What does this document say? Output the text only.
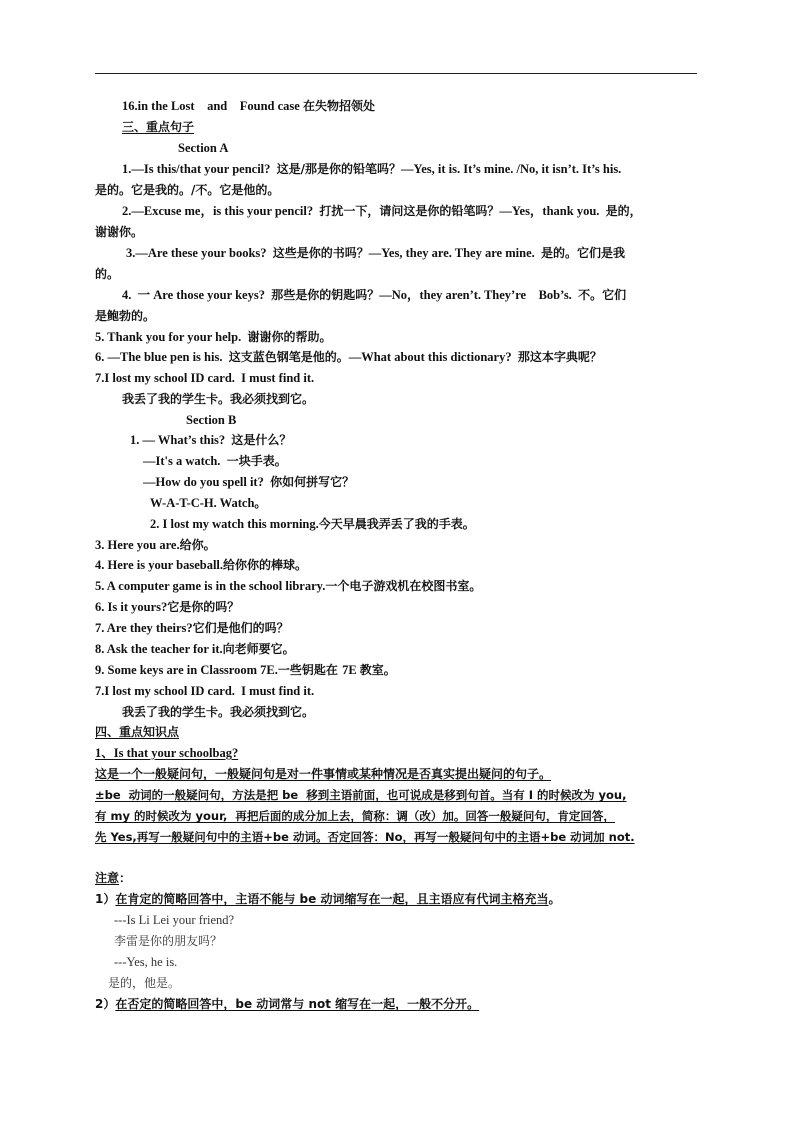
16.in the Lost    and    Found case 在失物招领处
三、重点句子
Section A
1.—Is this/that your pencil?  这是/那是你的铅笔吗？—Yes, it is. It’s mine. /No, it isn’t. It’s his.
是的。它是我的。/不。它是他的。
2.—Excuse me，is this your pencil?  打扰一下，请问这是你的铅笔吗？—Yes，thank you.  是的，
谢谢你。
3.—Are these your books?  这些是你的书吗？—Yes, they are. They are mine.  是的。它们是我
的。
4.  一 Are those your keys?  那些是你的钥匙吗？—No，they aren’t. They’re    Bob’s.  不。它们
是鲍勃的。
5. Thank you for your help.  谢谢你的帮助。
6. —The blue pen is his.  这支蓝色钢笔是他的。—What about this dictionary?  那这本字典呢？
7.I lost my school ID card.  I must find it.
我丢了我的学生卡。我必须找到它。
Section B
1. — What’s this?  这是什么？
—It's a watch.  一块手表。
—How do you spell it?  你如何拼写它？
W-A-T-C-H. Watch。
2. I lost my watch this morning.今天早晨我弄丢了我的手表。
3. Here you are.给你。
4. Here is your baseball.给你你的棒球。
5. A computer game is in the school library.一个电子游戏机在校图书室。
6. Is it yours?它是你的吗？
7. Are they theirs?它们是他们的吗？
8. Ask the teacher for it.向老师要它。
9. Some keys are in Classroom 7E.一些钥匙在 7E 教室。
7.I lost my school ID card.  I must find it.
我丢了我的学生卡。我必须找到它。
四、重点知识点
1、Is that your schoolbag?
这是一个一般疑问句，一般疑问句是对一件事情或某种情况是否真实提出疑问的句子。
±be  动词的一般疑问句，方法是把 be  移到主语前面，也可说成是移到句首。当有 I 的时候改为 you,
有 my 的时候改为 your,  再把后面的成分加上去，简称：调（改）加。回答一般疑问句，肯定回答，
先 Yes,再写一般疑问句中的主语+be 动词。否定回答：No，再写一般疑问句中的主语+be 动词加 not.
注意：
1）在肯定的简略回答中，主语不能与 be 动词缩写在一起，且主语应有代词主格充当。
---Is Li Lei your friend?
李雷是你的朋友吗？
---Yes, he is.
是的，他是。
2）在否定的简略回答中，be 动词常与 not 缩写在一起，一般不分开。
